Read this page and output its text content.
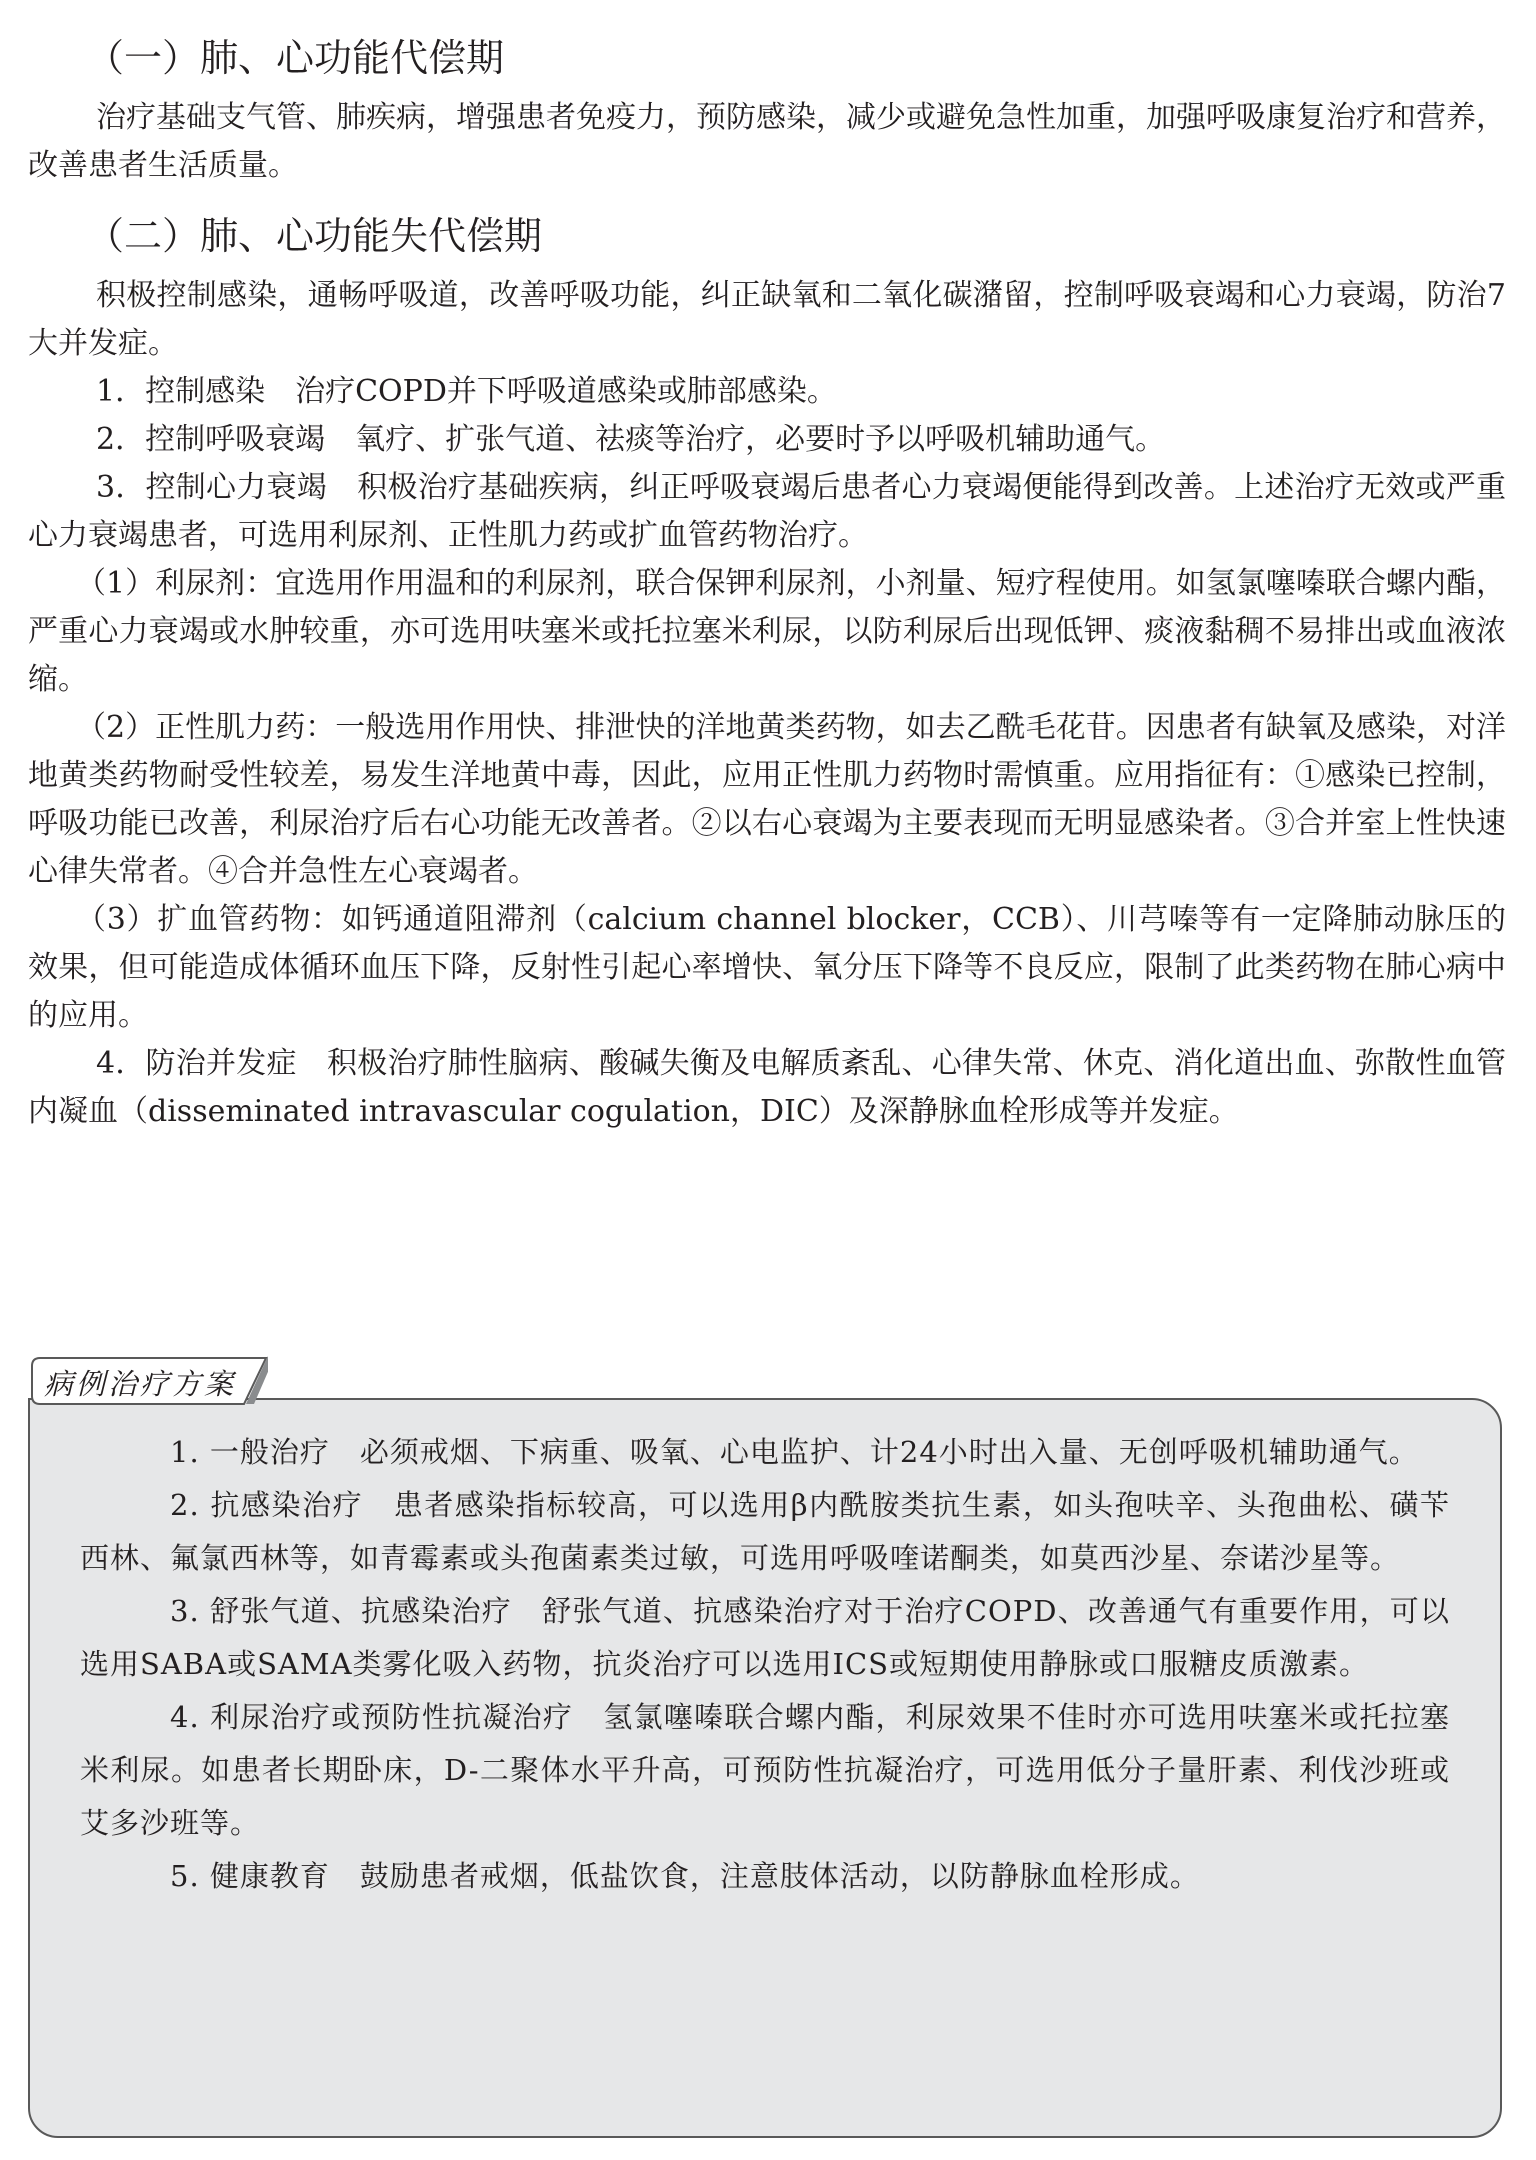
（一）肺、心功能代偿期

治疗基础支气管、肺疾病，增强患者免疫力，预防感染，减少或避免急性加重，加强呼吸康复治疗和营养，改善患者生活质量。

（二）肺、心功能失代偿期

积极控制感染，通畅呼吸道，改善呼吸功能，纠正缺氧和二氧化碳潴留，控制呼吸衰竭和心力衰竭，防治7大并发症。

1．控制感染　治疗COPD并下呼吸道感染或肺部感染。

2．控制呼吸衰竭　氧疗、扩张气道、祛痰等治疗，必要时予以呼吸机辅助通气。

3．控制心力衰竭　积极治疗基础疾病，纠正呼吸衰竭后患者心力衰竭便能得到改善。上述治疗无效或严重心力衰竭患者，可选用利尿剂、正性肌力药或扩血管药物治疗。

（1）利尿剂：宜选用作用温和的利尿剂，联合保钾利尿剂，小剂量、短疗程使用。如氢氯噻嗪联合螺内酯，严重心力衰竭或水肿较重，亦可选用呋塞米或托拉塞米利尿，以防利尿后出现低钾、痰液黏稠不易排出或血液浓缩。

（2）正性肌力药：一般选用作用快、排泄快的洋地黄类药物，如去乙酰毛花苷。因患者有缺氧及感染，对洋地黄类药物耐受性较差，易发生洋地黄中毒，因此，应用正性肌力药物时需慎重。应用指征有：①感染已控制，呼吸功能已改善，利尿治疗后右心功能无改善者。②以右心衰竭为主要表现而无明显感染者。③合并室上性快速心律失常者。④合并急性左心衰竭者。

（3）扩血管药物：如钙通道阻滞剂（calcium channel blocker，CCB）、川芎嗪等有一定降肺动脉压的效果，但可能造成体循环血压下降，反射性引起心率增快、氧分压下降等不良反应，限制了此类药物在肺心病中的应用。

4．防治并发症　积极治疗肺性脑病、酸碱失衡及电解质紊乱、心律失常、休克、消化道出血、弥散性血管内凝血（disseminated intravascular cogulation，DIC）及深静脉血栓形成等并发症。

1. 一般治疗　必须戒烟、下病重、吸氧、心电监护、计24小时出入量、无创呼吸机辅助通气。

2. 抗感染治疗　患者感染指标较高，可以选用β内酰胺类抗生素，如头孢呋辛、头孢曲松、磺苄西林、氟氯西林等，如青霉素或头孢菌素类过敏，可选用呼吸喹诺酮类，如莫西沙星、奈诺沙星等。

3. 舒张气道、抗感染治疗　舒张气道、抗感染治疗对于治疗COPD、改善通气有重要作用，可以选用SABA或SAMA类雾化吸入药物，抗炎治疗可以选用ICS或短期使用静脉或口服糖皮质激素。

4. 利尿治疗或预防性抗凝治疗　氢氯噻嗪联合螺内酯，利尿效果不佳时亦可选用呋塞米或托拉塞米利尿。如患者长期卧床，D-二聚体水平升高，可预防性抗凝治疗，可选用低分子量肝素、利伐沙班或艾多沙班等。

5. 健康教育　鼓励患者戒烟，低盐饮食，注意肢体活动，以防静脉血栓形成。

病例治疗方案
